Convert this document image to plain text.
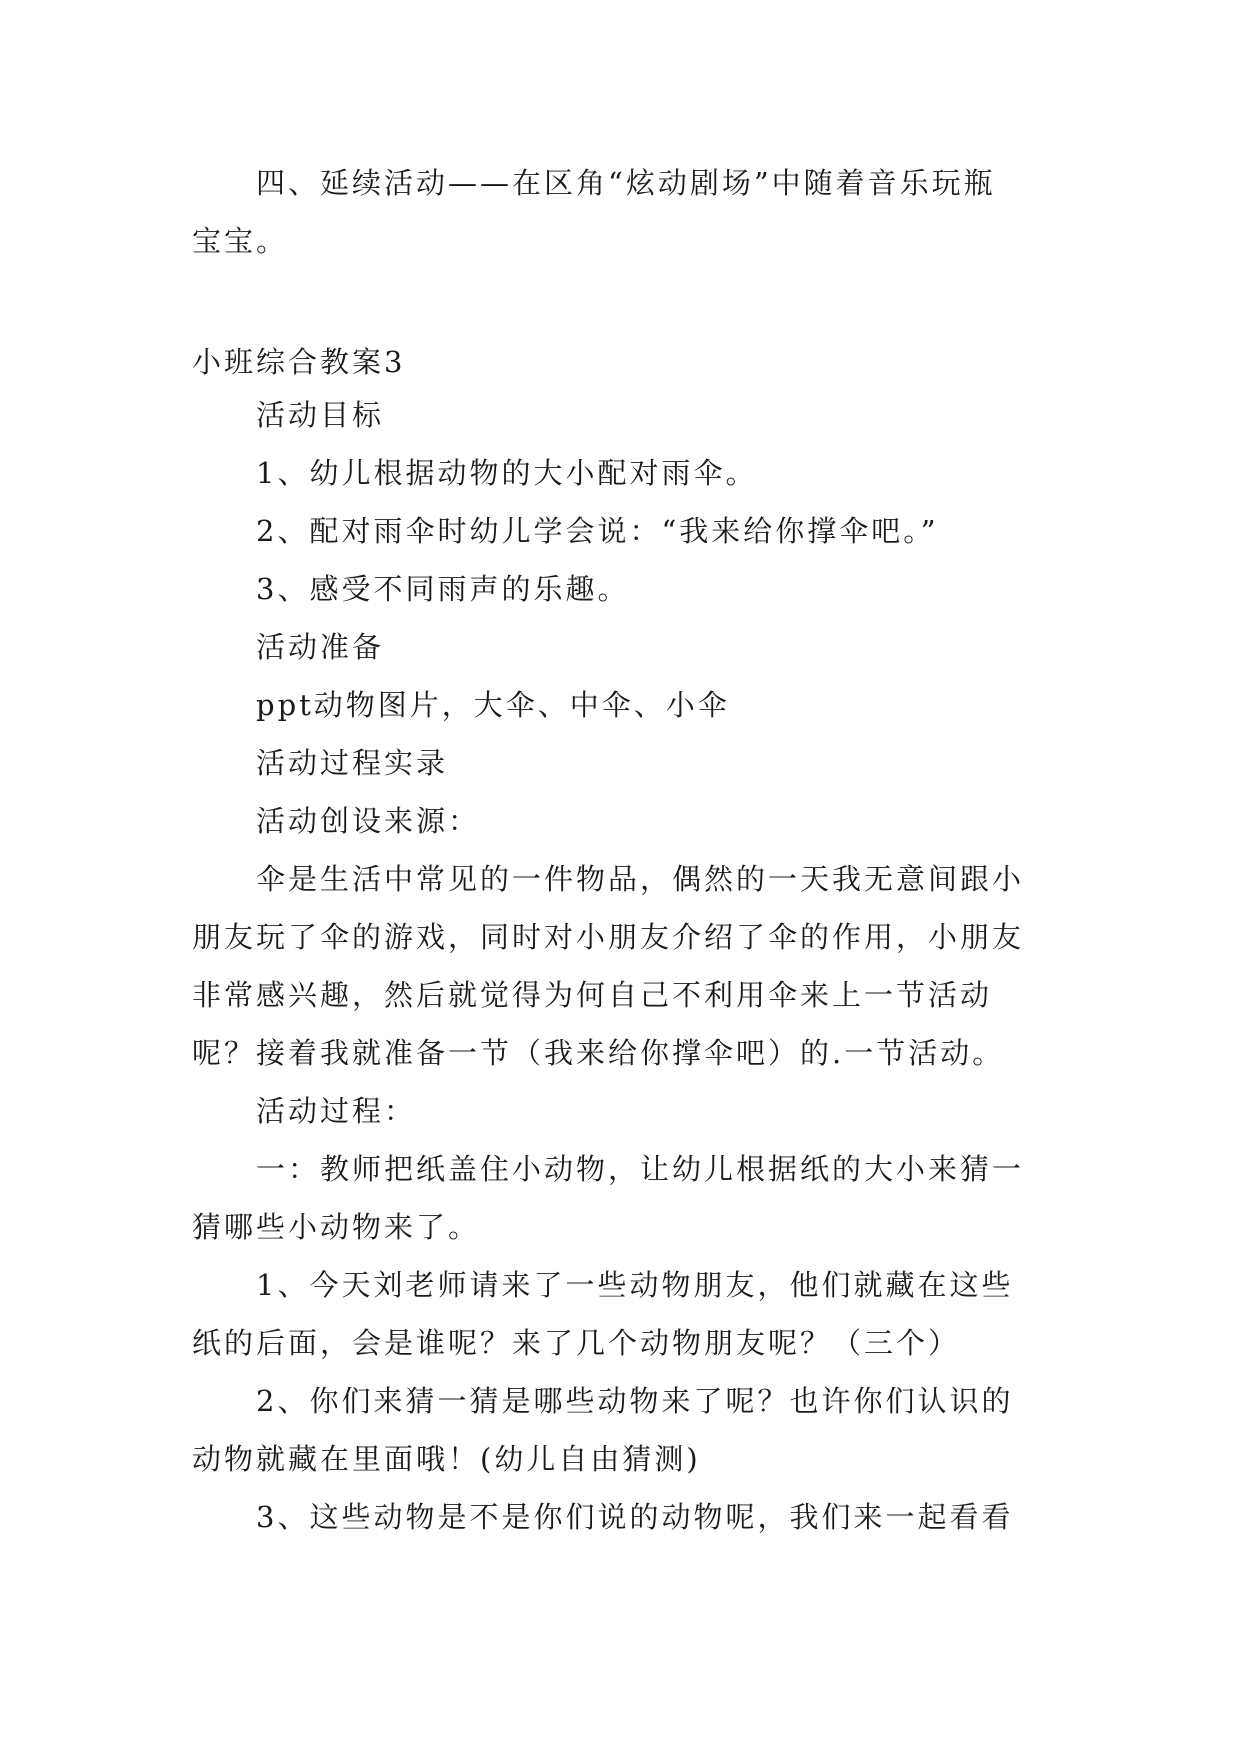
四、延续活动——在区角“炫动剧场”中随着音乐玩瓶
宝宝。
小班综合教案3
活动目标
1、幼儿根据动物的大小配对雨伞。
2、配对雨伞时幼儿学会说：“我来给你撑伞吧。”
3、感受不同雨声的乐趣。
活动准备
ppt动物图片，大伞、中伞、小伞
活动过程实录
活动创设来源：
伞是生活中常见的一件物品，偶然的一天我无意间跟小
朋友玩了伞的游戏，同时对小朋友介绍了伞的作用，小朋友
非常感兴趣，然后就觉得为何自己不利用伞来上一节活动
呢？接着我就准备一节（我来给你撑伞吧）的.一节活动。
活动过程：
一：教师把纸盖住小动物，让幼儿根据纸的大小来猜一
猜哪些小动物来了。
1、今天刘老师请来了一些动物朋友，他们就藏在这些
纸的后面，会是谁呢？来了几个动物朋友呢？（三个）
2、你们来猜一猜是哪些动物来了呢？也许你们认识的
动物就藏在里面哦！(幼儿自由猜测)
3、这些动物是不是你们说的动物呢，我们来一起看看
